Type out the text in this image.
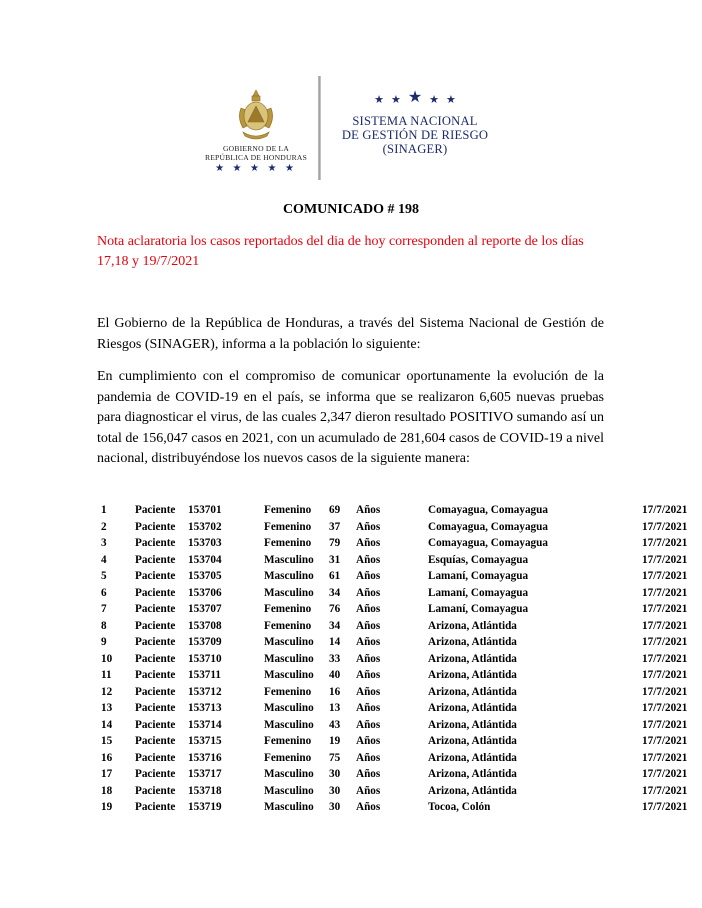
GOBIERNO DE LA
REPÚBLICA DE HONDURAS
★ ★ ★ ★ ★
★ ★ ★ ★ ★
SISTEMA NACIONAL
DE GESTIÓN DE RIESGO
(SINAGER)
COMUNICADO # 198
Nota aclaratoria los casos reportados del dia de hoy corresponden al reporte de los días 17,18 y 19/7/2021
El Gobierno de la República de Honduras, a través del Sistema Nacional de Gestión de Riesgos (SINAGER), informa a la población lo siguiente:
En cumplimiento con el compromiso de comunicar oportunamente la evolución de la pandemia de COVID-19 en el país, se informa que se realizaron 6,605 nuevas pruebas para diagnosticar el virus, de las cuales 2,347 dieron resultado POSITIVO sumando así un total de 156,047 casos en 2021, con un acumulado de 281,604 casos de COVID-19 a nivel nacional, distribuyéndose los nuevos casos de la siguiente manera:
1	Paciente 153701	Femenino 69 Años	Comayagua, Comayagua	17/7/2021
2	Paciente 153702	Femenino 37 Años	Comayagua, Comayagua	17/7/2021
3	Paciente 153703	Femenino 79 Años	Comayagua, Comayagua	17/7/2021
4	Paciente 153704	Masculino 31 Años	Esquías, Comayagua	17/7/2021
5	Paciente 153705	Masculino 61 Años	Lamaní, Comayagua	17/7/2021
6	Paciente 153706	Masculino 34 Años	Lamaní, Comayagua	17/7/2021
7	Paciente 153707	Femenino 76 Años	Lamaní, Comayagua	17/7/2021
8	Paciente 153708	Femenino 34 Años	Arizona, Atlántida	17/7/2021
9	Paciente 153709	Masculino 14 Años	Arizona, Atlántida	17/7/2021
10 Paciente 153710	Masculino 33 Años	Arizona, Atlántida	17/7/2021
11 Paciente 153711	Masculino 40 Años	Arizona, Atlántida	17/7/2021
12 Paciente 153712	Femenino 16 Años	Arizona, Atlántida	17/7/2021
13 Paciente 153713	Masculino 13 Años	Arizona, Atlántida	17/7/2021
14 Paciente 153714	Masculino 43 Años	Arizona, Atlántida	17/7/2021
15 Paciente 153715	Femenino 19 Años	Arizona, Atlántida	17/7/2021
16 Paciente 153716	Femenino 75 Años	Arizona, Atlántida	17/7/2021
17 Paciente 153717	Masculino 30 Años	Arizona, Atlántida	17/7/2021
18 Paciente 153718	Masculino 30 Años	Arizona, Atlántida	17/7/2021
19 Paciente 153719	Masculino 30 Años	Tocoa, Colón	17/7/2021
